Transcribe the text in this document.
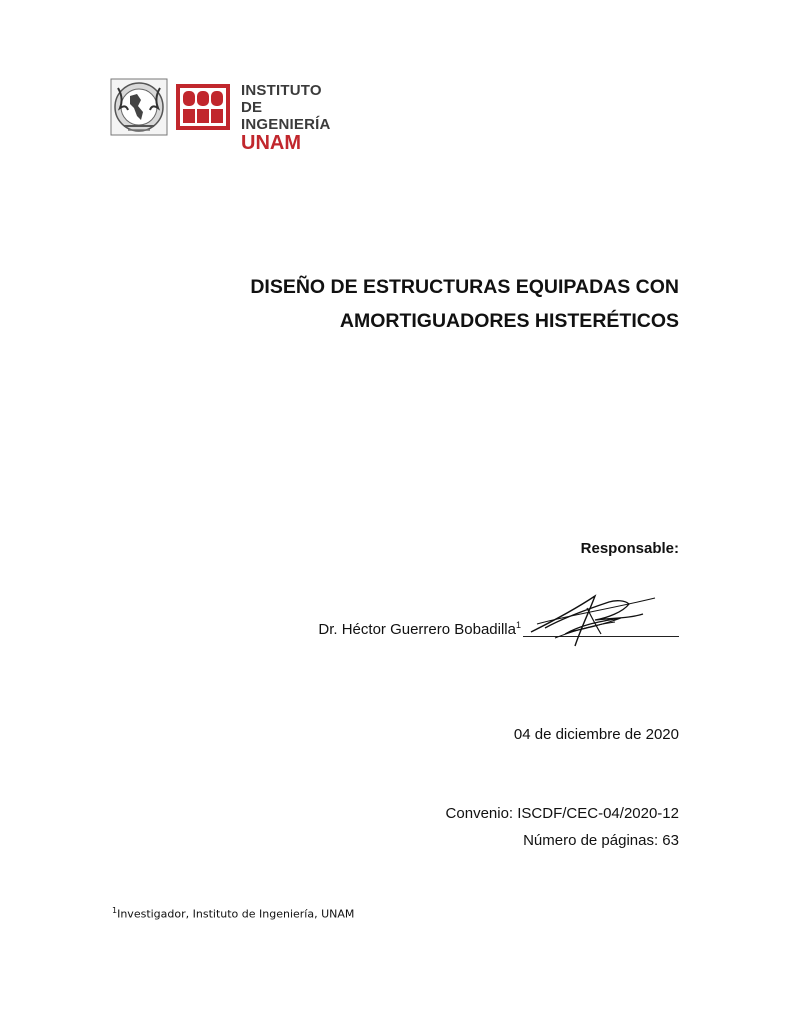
INSTITUTO
DE INGENIERÍA
UNAM
DISEÑO DE ESTRUCTURAS EQUIPADAS CON
AMORTIGUADORES HISTERÉTICOS
Responsable:
Dr. Héctor Guerrero Bobadilla$^1$
04 de diciembre de 2020
Convenio: ISCDF/CEC-04/2020-12
Número de páginas: 63
$^1$Investigador, Instituto de Ingeniería, UNAM
